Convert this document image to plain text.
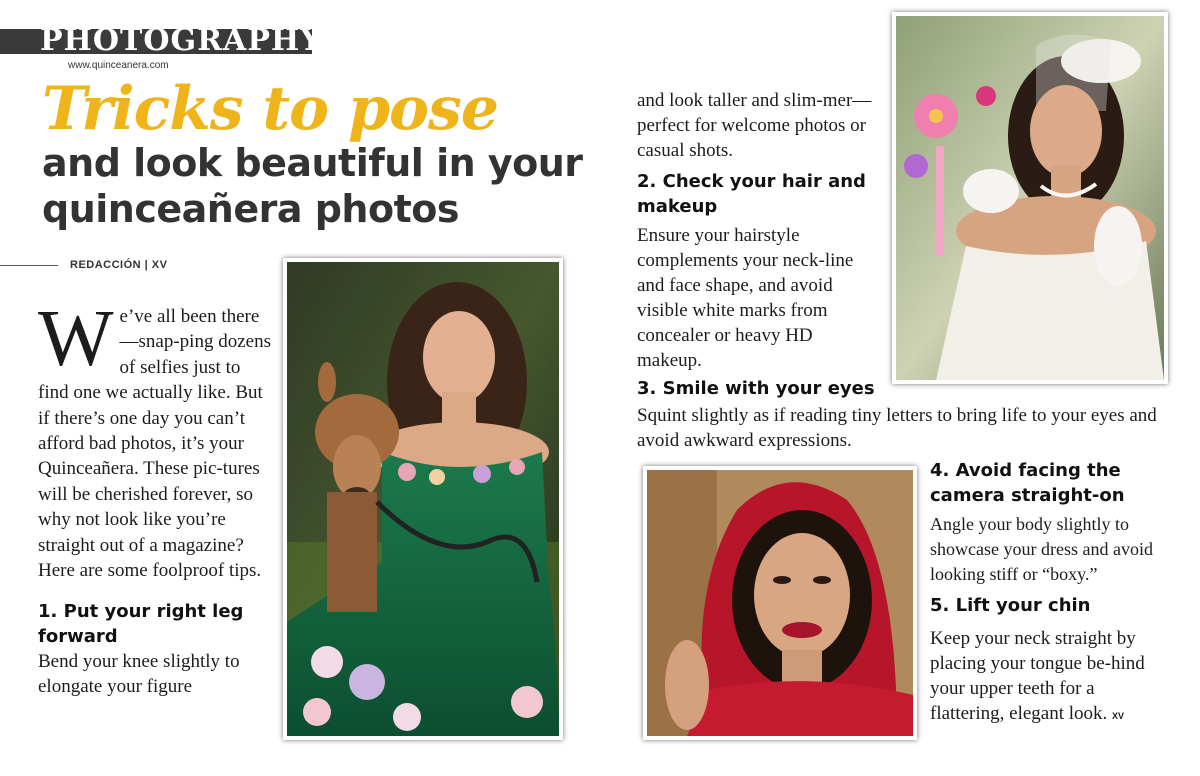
PHOTOGRAPHY
www.quinceanera.com
Tricks to pose
and look beautiful in your quinceañera photos
REDACCIÓN | XV
W e’ve all been there—snap-ping dozens of selfies just to find one we actually like. But if there’s one day you can’t afford bad photos, it’s your Quinceañera. These pic-tures will be cherished forever, so why not look like you’re straight out of a magazine? Here are some foolproof tips.
1. Put your right leg forward
Bend your knee slightly to elongate your figure
and look taller and slim-mer—perfect for welcome photos or casual shots.
2. Check your hair and makeup
Ensure your hairstyle complements your neck-line and face shape, and avoid visible white marks from concealer or heavy HD makeup.
3. Smile with your eyes
Squint slightly as if reading tiny letters to bring life to your eyes and avoid awkward expressions.
4. Avoid facing the camera straight-on
Angle your body slightly to showcase your dress and avoid looking stiff or “boxy.”
5. Lift your chin
Keep your neck straight by placing your tongue be-hind your upper teeth for a flattering, elegant look. XV
